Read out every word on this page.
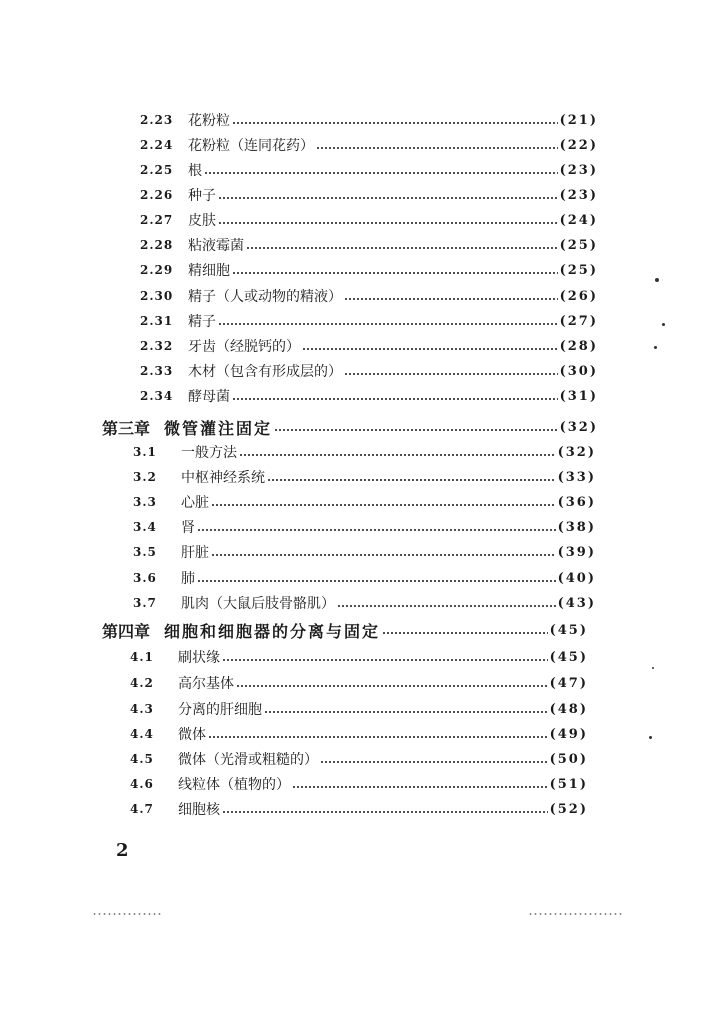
2.23	花粉粒	(21)
2.24	花粉粒（连同花药）	(22)
2.25	根	(23)
2.26	种子	(23)
2.27	皮肤	(24)
2.28	粘液霉菌	(25)
2.29	精细胞	(25)
2.30	精子（人或动物的精液）	(26)
2.31	精子	(27)
2.32	牙齿（经脱钙的）	(28)
2.33	木材（包含有形成层的）	(30)
2.34	酵母菌	(31)
第三章 微管灌注固定	(32)
3.1	一般方法	(32)
3.2	中枢神经系统	(33)
3.3	心脏	(36)
3.4	肾	(38)
3.5	肝脏	(39)
3.6	肺	(40)
3.7	肌肉（大鼠后肢骨骼肌）	(43)
第四章 细胞和细胞器的分离与固定	(45)
4.1	刷状缘	(45)
4.2	高尔基体	(47)
4.3	分离的肝细胞	(48)
4.4	微体	(49)
4.5	微体（光滑或粗糙的）	(50)
4.6	线粒体（植物的）	(51)
4.7	细胞核	(52)
2
